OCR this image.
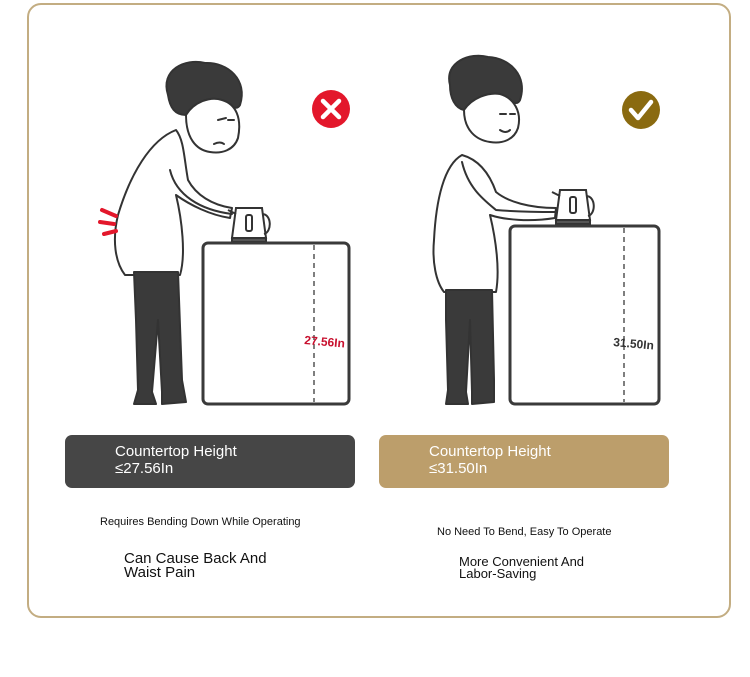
27.56In	31.50In
Countertop Height
≤27.56In
Countertop Height
≤31.50In
Requires Bending Down While Operating
Can Cause Back And Waist Pain
No Need To Bend, Easy To Operate
More Convenient And Labor-Saving
